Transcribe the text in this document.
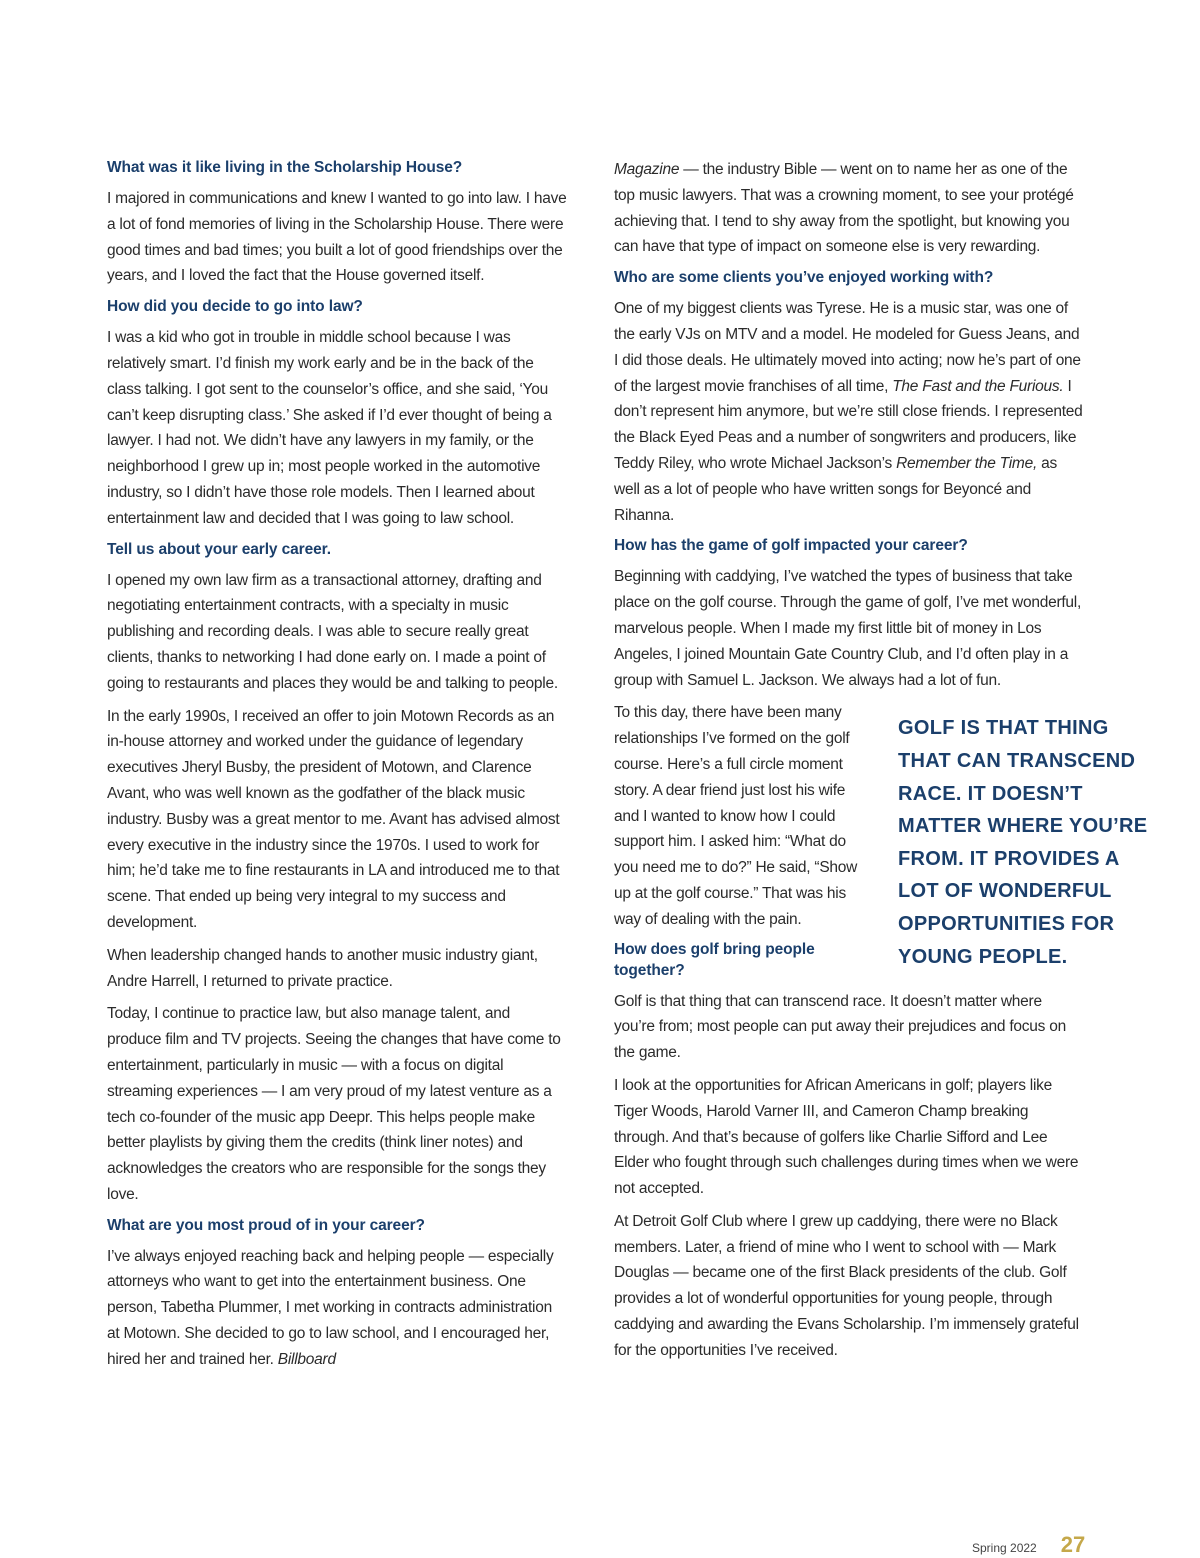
What was it like living in the Scholarship House?
I majored in communications and knew I wanted to go into law. I have a lot of fond memories of living in the Scholarship House. There were good times and bad times; you built a lot of good friendships over the years, and I loved the fact that the House governed itself.
How did you decide to go into law?
I was a kid who got in trouble in middle school because I was relatively smart. I’d finish my work early and be in the back of the class talking. I got sent to the counselor’s office, and she said, ‘You can’t keep disrupting class.’ She asked if I’d ever thought of being a lawyer. I had not. We didn’t have any lawyers in my family, or the neighborhood I grew up in; most people worked in the automotive industry, so I didn’t have those role models. Then I learned about entertainment law and decided that I was going to law school.
Tell us about your early career.
I opened my own law firm as a transactional attorney, drafting and negotiating entertainment contracts, with a specialty in music publishing and recording deals. I was able to secure really great clients, thanks to networking I had done early on. I made a point of going to restaurants and places they would be and talking to people.
In the early 1990s, I received an offer to join Motown Records as an in-house attorney and worked under the guidance of legendary executives Jheryl Busby, the president of Motown, and Clarence Avant, who was well known as the godfather of the black music industry. Busby was a great mentor to me. Avant has advised almost every executive in the industry since the 1970s. I used to work for him; he’d take me to fine restaurants in LA and introduced me to that scene. That ended up being very integral to my success and development.
When leadership changed hands to another music industry giant, Andre Harrell, I returned to private practice.
Today, I continue to practice law, but also manage talent, and produce film and TV projects. Seeing the changes that have come to entertainment, particularly in music — with a focus on digital streaming experiences — I am very proud of my latest venture as a tech co-founder of the music app Deepr. This helps people make better playlists by giving them the credits (think liner notes) and acknowledges the creators who are responsible for the songs they love.
What are you most proud of in your career?
I’ve always enjoyed reaching back and helping people — especially attorneys who want to get into the entertainment business. One person, Tabetha Plummer, I met working in contracts administration at Motown. She decided to go to law school, and I encouraged her, hired her and trained her. Billboard
Magazine — the industry Bible — went on to name her as one of the top music lawyers. That was a crowning moment, to see your protégé achieving that. I tend to shy away from the spotlight, but knowing you can have that type of impact on someone else is very rewarding.
Who are some clients you’ve enjoyed working with?
One of my biggest clients was Tyrese. He is a music star, was one of the early VJs on MTV and a model. He modeled for Guess Jeans, and I did those deals. He ultimately moved into acting; now he’s part of one of the largest movie franchises of all time, The Fast and the Furious. I don’t represent him anymore, but we’re still close friends. I represented the Black Eyed Peas and a number of songwriters and producers, like Teddy Riley, who wrote Michael Jackson’s Remember the Time, as well as a lot of people who have written songs for Beyoncé and Rihanna.
How has the game of golf impacted your career?
Beginning with caddying, I’ve watched the types of business that take place on the golf course. Through the game of golf, I’ve met wonderful, marvelous people. When I made my first little bit of money in Los Angeles, I joined Mountain Gate Country Club, and I’d often play in a group with Samuel L. Jackson. We always had a lot of fun.
To this day, there have been many relationships I’ve formed on the golf course. Here’s a full circle moment story. A dear friend just lost his wife and I wanted to know how I could support him. I asked him: “What do you need me to do?” He said, “Show up at the golf course.” That was his way of dealing with the pain.
How does golf bring people together?
GOLF IS THAT THING THAT CAN TRANSCEND RACE. IT DOESN’T MATTER WHERE YOU’RE FROM. IT PROVIDES A LOT OF WONDERFUL OPPORTUNITIES FOR YOUNG PEOPLE.
Golf is that thing that can transcend race. It doesn’t matter where you’re from; most people can put away their prejudices and focus on the game.
I look at the opportunities for African Americans in golf; players like Tiger Woods, Harold Varner III, and Cameron Champ breaking through. And that’s because of golfers like Charlie Sifford and Lee Elder who fought through such challenges during times when we were not accepted.
At Detroit Golf Club where I grew up caddying, there were no Black members. Later, a friend of mine who I went to school with — Mark Douglas — became one of the first Black presidents of the club. Golf provides a lot of wonderful opportunities for young people, through caddying and awarding the Evans Scholarship. I’m immensely grateful for the opportunities I’ve received.
Spring 2022 27
